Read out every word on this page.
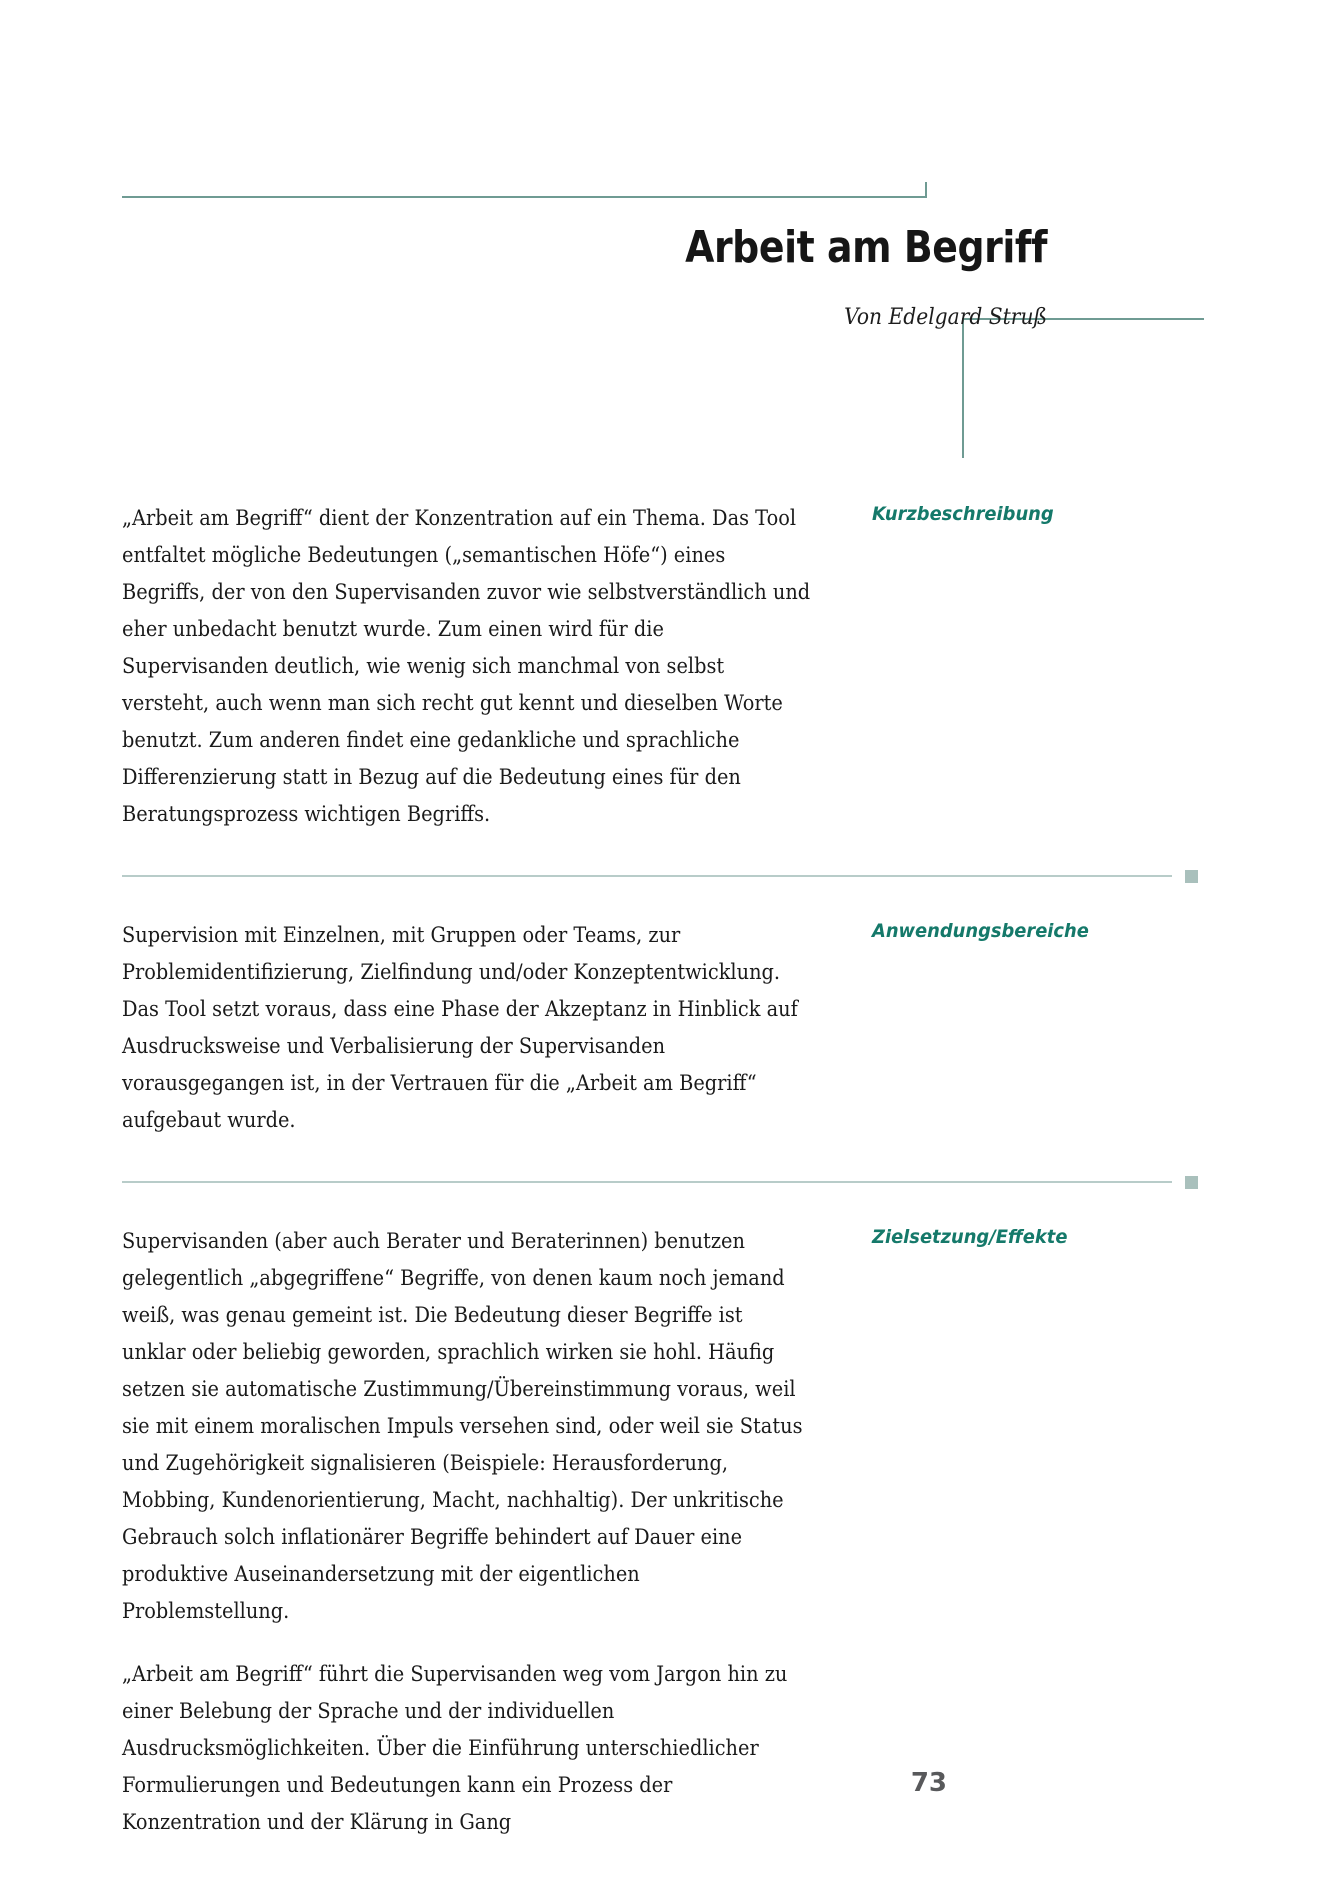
Arbeit am Begriff
Von Edelgard Struß

„Arbeit am Begriff“ dient der Konzentration auf ein Thema. Das Tool entfaltet mögliche Bedeutungen („semantischen Höfe“) eines Begriffs, der von den Supervisanden zuvor wie selbstverständlich und eher unbedacht benutzt wurde. Zum einen wird für die Supervisanden deutlich, wie wenig sich manchmal von selbst versteht, auch wenn man sich recht gut kennt und dieselben Worte benutzt. Zum anderen findet eine gedankliche und sprachliche Differenzierung statt in Bezug auf die Bedeutung eines für den Beratungsprozess wichtigen Begriffs.

Kurzbeschreibung

Supervision mit Einzelnen, mit Gruppen oder Teams, zur Problemidentifizierung, Zielfindung und/oder Konzeptentwicklung. Das Tool setzt voraus, dass eine Phase der Akzeptanz in Hinblick auf Ausdrucksweise und Verbalisierung der Supervisanden vorausgegangen ist, in der Vertrauen für die „Arbeit am Begriff“ aufgebaut wurde.

Anwendungsbereiche

Supervisanden (aber auch Berater und Beraterinnen) benutzen gelegentlich „abgegriffene“ Begriffe, von denen kaum noch jemand weiß, was genau gemeint ist. Die Bedeutung dieser Begriffe ist unklar oder beliebig geworden, sprachlich wirken sie hohl. Häufig setzen sie automatische Zustimmung/Übereinstimmung voraus, weil sie mit einem moralischen Impuls versehen sind, oder weil sie Status und Zugehörigkeit signalisieren (Beispiele: Herausforderung, Mobbing, Kundenorientierung, Macht, nachhaltig). Der unkritische Gebrauch solch inflationärer Begriffe behindert auf Dauer eine produktive Auseinandersetzung mit der eigentlichen Problemstellung.

„Arbeit am Begriff“ führt die Supervisanden weg vom Jargon hin zu einer Belebung der Sprache und der individuellen Ausdrucksmöglichkeiten. Über die Einführung unterschiedlicher Formulierungen und Bedeutungen kann ein Prozess der Konzentration und der Klärung in Gang

Zielsetzung/Effekte
73
